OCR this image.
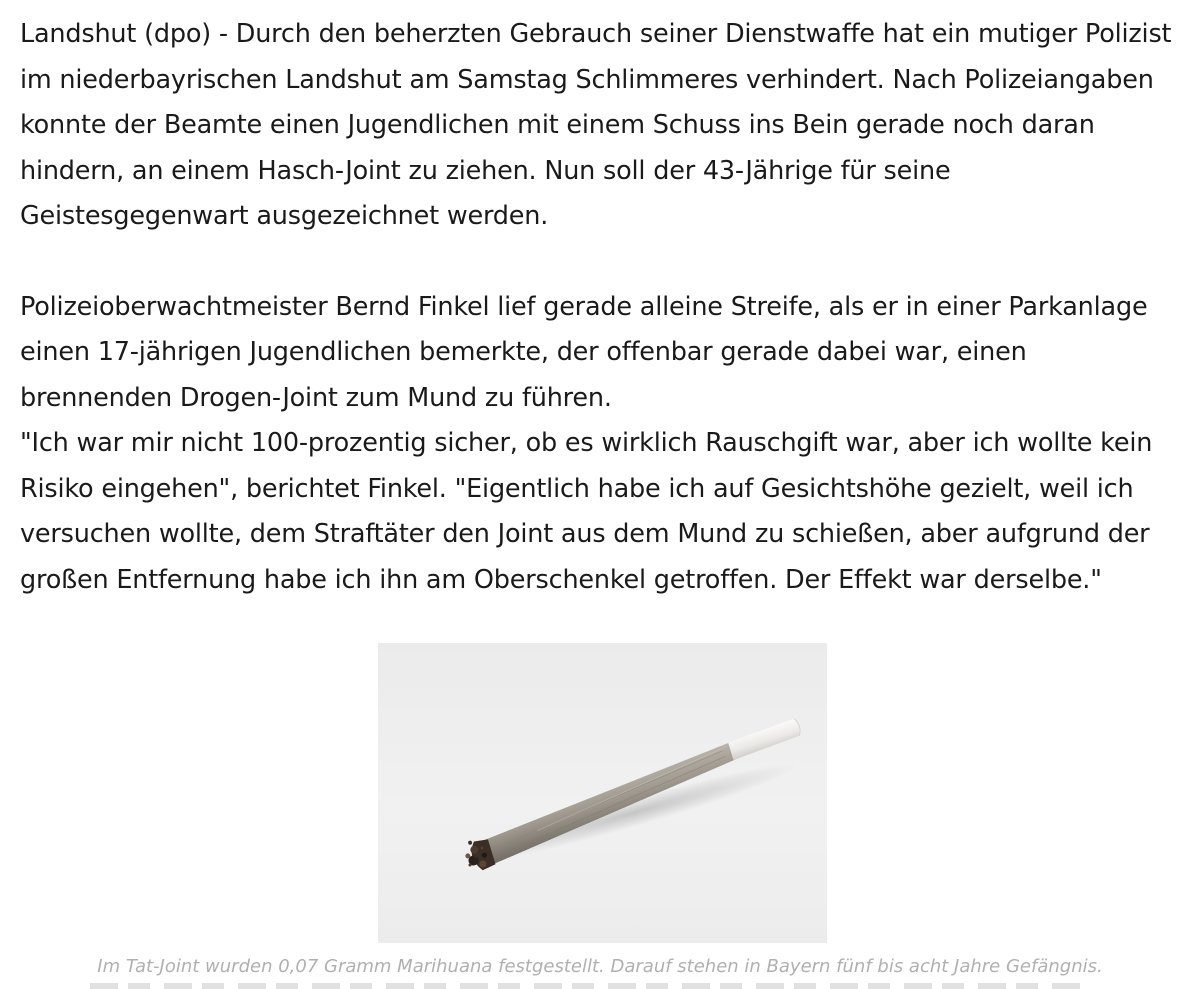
Landshut (dpo) - Durch den beherzten Gebrauch seiner Dienstwaffe hat ein mutiger Polizist im niederbayrischen Landshut am Samstag Schlimmeres verhindert. Nach Polizeiangaben konnte der Beamte einen Jugendlichen mit einem Schuss ins Bein gerade noch daran hindern, an einem Hasch-Joint zu ziehen. Nun soll der 43-Jährige für seine Geistesgegenwart ausgezeichnet werden.

Polizeioberwachtmeister Bernd Finkel lief gerade alleine Streife, als er in einer Parkanlage einen 17-jährigen Jugendlichen bemerkte, der offenbar gerade dabei war, einen brennenden Drogen-Joint zum Mund zu führen.

"Ich war mir nicht 100-prozentig sicher, ob es wirklich Rauschgift war, aber ich wollte kein Risiko eingehen", berichtet Finkel. "Eigentlich habe ich auf Gesichtshöhe gezielt, weil ich versuchen wollte, dem Straftäter den Joint aus dem Mund zu schießen, aber aufgrund der großen Entfernung habe ich ihn am Oberschenkel getroffen. Der Effekt war derselbe."

Im Tat-Joint wurden 0,07 Gramm Marihuana festgestellt. Darauf stehen in Bayern fünf bis acht Jahre Gefängnis.
